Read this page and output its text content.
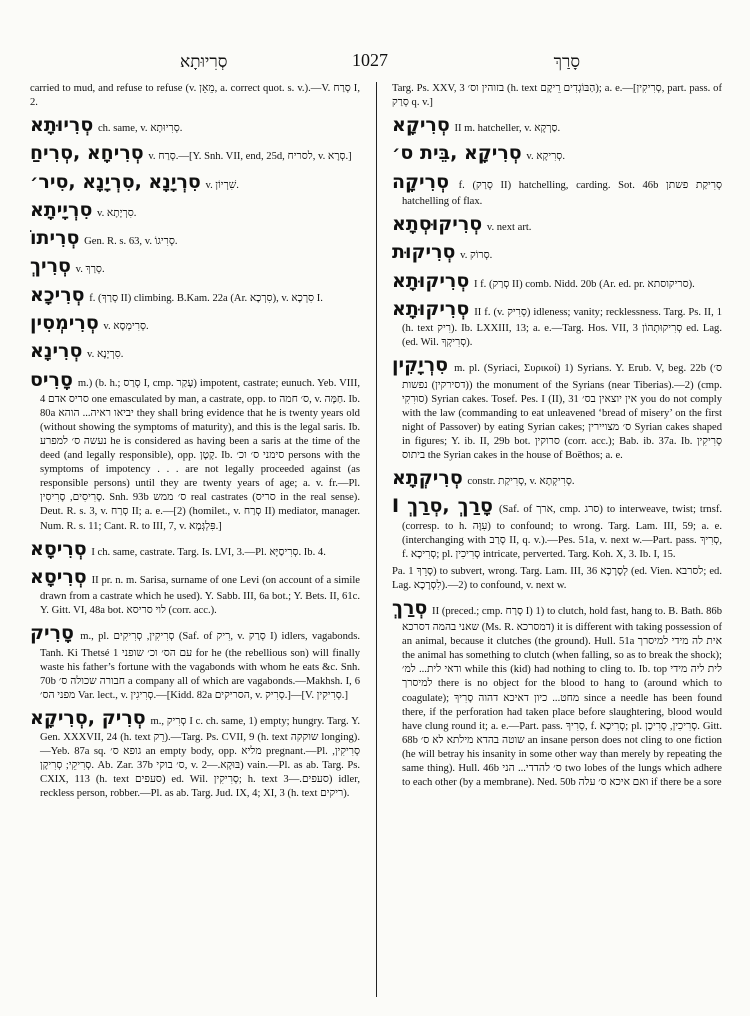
סְרִיוּתָא	1027	סָרַךְ

carried to mud, and refuse to refuse (v. מֵאֵן, a. correct quot. s. v.).—V. סְרַח I, 2.

סְרִיוּתָא ch. same, v. סְרִיוּתָא.

סְרִיחָא ,סְרִיחַ v. סְרַח.—[Y. Snh. VII, end, 25d, לסריח, v. סְרָא.]

סִרְיָנָא ,סִרְיָנָא ,סִיר׳ v. שִׁרְיוֹן.

סִרְיָיתָא v. סִרְיָתָא.

סְרִיתוֹ Gen. R. s. 63, v. סְרִיגוֹ.

סְרִיךְ v. סְרַךְ.

סְרִיכָא f. (סְרַךְ II) climbing. B.Kam. 22a (Ar. סִרְכָא), v. סִרְכָא I.

סְרִימְסִין v. סְרִימְסָא.

סְרִינָא v. סִרְיָנָא.

סָרִיס m.) (b. h.; סְרַס I, cmp. עָקַר) impotent, castrate; eunuch. Yeb. VIII, 4 סריס אדם one emasculated by man, a castrate, opp. to ס׳ חמה, v. חַמָּה. Ib. 80a יביאו ראיה... הוהא they shall bring evidence that he is twenty years old (without showing the symptoms of maturity), and this is the legal saris. Ib. נעשה ס׳ למפרע he is considered as having been a saris at the time of the deed (and legally responsible), opp. קָטָן. Ib. סימני ס׳ וכ׳ persons with the symptoms of impotency . . . are not legally proceeded against (as responsible persons) until they are twenty years of age; a. v. fr.—Pl. סָרִיסִים, סָרִיסִין. Snh. 93b ס׳ ממש real castrates (סריס in the real sense). Deut. R. s. 3, v. סְרַח II; a. e.—[2) (homilet., v. סְרַח II) mediator, manager. Num. R. s. 11; Cant. R. to III, 7, v. פִּלְגְּמָא.]

סְרִיסָא I ch. same, castrate. Targ. Is. LVI, 3.—Pl. סְרִיסַיָּא. Ib. 4.

סְרִיסָא II pr. n. m. Sarisa, surname of one Levi (on account of a simile drawn from a castrate which he used). Y. Sabb. III, 6a bot.; Y. Bets. II, 61c. Y. Gitt. VI, 48a bot. לוי סריסא (corr. acc.).

סָרִיק m., pl. סְרִיקִין, סְרִיקִים (Saf. of רִיק, v. סְרַק I) idlers, vagabonds. Tanh. Ki Thetsé 1 עם הס׳ וכ׳ שופני for he (the rebellious son) will finally waste his father’s fortune with the vagabonds with whom he eats &c. Snh. 70b חבורה שכולה ס׳ a company all of which are vagabonds.—Makhsh. I, 6 מפני הס׳ Var. lect., v. סְרִיגִין.—[Kidd. 82a הסריקים, v. סְרִיק.]—[V. סְרִיקִין.]

סְרִיק ,סְרִיקָא m., סְרִיק I c. ch. same, 1) empty; hungry. Targ. Y. Gen. XXXVII, 24 (h. text רֵק).—Targ. Ps. CVII, 9 (h. text שוקקה longing).—Yeb. 87a sq. גופא ס׳ an empty body, opp. מליא pregnant.—Pl. סְרִיקִין, סְרִיקֵי; סְרִיקָן. Ab. Zar. 37b ס׳ בוקי, v. בּוּקָא.—2) vain.—Pl. as ab. Targ. Ps. CXIX, 113 (h. text סעפים) ed. Wil. סְרִיקִין; h. text סעפים.—3) idler, reckless person, robber.—Pl. as ab. Targ. Jud. IX, 4; XI, 3 (h. text ריקים).

Targ. Ps. XXV, 3 בזוהין וס׳ (h. text הַבּוֹגְדִים רֵיקָם); a. e.—[סְרִיקִין, part. pass. of סְרַק q. v.]

סְרִיקָא II m. hatcheller, v. סַרְקָא.

סְרִיקָא ,בֵּית ס׳ v. סְרִיקָא.

סְרִיקָה f. (סְרַק II) hatchelling, carding. Sot. 46b סְרִיקַת פשתן hatchelling of flax.

סְרִיקוּסְתָא v. next art.

סְרִיקוּת v. סְרוֹק.

סְרִיקוּתָא I f. (סְרַק II) comb. Nidd. 20b (Ar. ed. pr. סריקוסתא).

סְרִיקוּתָא II f. (v. סְרִיק) idleness; vanity; recklessness. Targ. Ps. II, 1 (h. text רִיק). Ib. LXXIII, 13; a. e.—Targ. Hos. VII, 3 סְרִיקוּתְהוֹן ed. Lag. (ed. Wil. סְרִיקְךָ).

סִרְיָקִין m. pl. (Syriaci, Συρικοί) 1) Syrians. Y. Erub. V, beg. 22b (ס׳ (דסירקין) נפשות) the monument of the Syrians (near Tiberias).—2) (cmp. סוּרִקִי) Syrian cakes. Tosef. Pes. I (II), 31 אין יוצאין בס׳ you do not comply with the law (commanding to eat unleavened ‘bread of misery’ on the first night of Passover) by eating Syrian cakes; ס׳ מצויירין Syrian cakes shaped in figures; Y. ib. II, 29b bot. סרוקין (corr. acc.); Bab. ib. 37a. Ib. סְרִיקִין ביתוס the Syrian cakes in the house of Boëthos; a. e.

סְרִיקְתָא constr. סְרִיקַת, v. סְרִיקְתָא.

סָרַךְ ,סְרַךְ I (Saf. of ארך, cmp. סרג) to interweave, twist; trnsf. (corresp. to h. עִוָּה) to confound; to wrong. Targ. Lam. III, 59; a. e. (interchanging with סְרַב II, q. v.).—Pes. 51a, v. next w.—Part. pass. סְרִיךְ, f. סְרִיכָא; pl. סְרִיכִין intricate, perverted. Targ. Koh. X, 3. Ib. I, 15.

Pa. סָרֵךְ 1) to subvert, wrong. Targ. Lam. III, 36 לְסָרָכָא (ed. Vien. לסרבא; ed. Lag. לִסְרָכָא).—2) to confound, v. next w.

סְרַךְ II (preced.; cmp. סְרַח I) 1) to clutch, hold fast, hang to. B. Bath. 86b שאני בהמה דסרכא (Ms. R. דמסרכא) it is different with taking possession of an animal, because it clutches (the ground). Hull. 51a אית לה מידי למיסרך the animal has something to clutch (when falling, so as to break the shock); ודאי לית... למ׳ while this (kid) had nothing to cling to. Ib. top לית ליה מידי למיסרך there is no object for the blood to hang to (around which to coagulate); מחט... כיון דאיכא דהוה סָרִיךְ since a needle has been found there, if the perforation had taken place before slaughtering, blood would have clung round it; a. e.—Part. pass. סְרִיךְ, f. סְרִיכָא; pl. סְרִיכִין, סְרִיכָן. Gitt. 68b שוטה בהדא מילתא לא ס׳ an insane person does not cling to one fiction (he will betray his insanity in some other way than merely by repeating the same thing). Hull. 46b ס׳ להדדי... הני two lobes of the lungs which adhere to each other (by a membrane). Ned. 50b ואם איכא ס׳ עלה if there be a sore
